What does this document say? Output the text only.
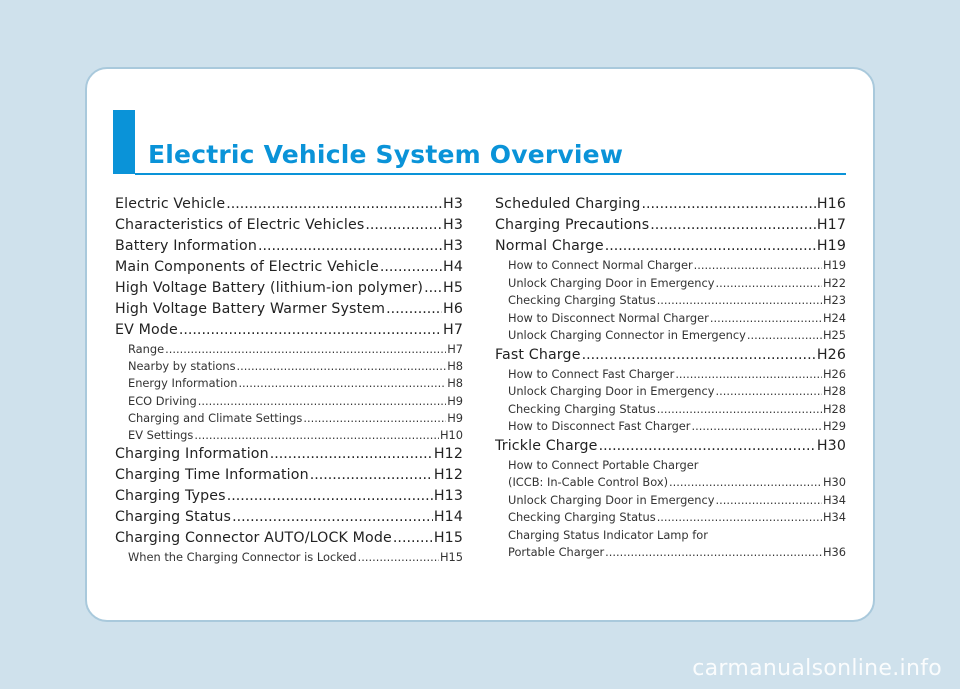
Electric Vehicle System Overview
Electric Vehicle .....	H3
Characteristics of Electric Vehicles .....	H3
Battery Information .....	H3
Main Components of Electric Vehicle .....	H4
High Voltage Battery (lithium-ion polymer) ..... H5
High Voltage Battery Warmer System .....	H6
EV Mode .....	H7
Range .....	H7
Nearby by stations .....	H8
Energy Information .....	H8
ECO Driving .....	H9
Charging and Climate Settings .....	H9
EV Settings .....	H10
Charging Information .....	H12
Charging Time Information .....	H12
Charging Types .....	H13
Charging Status .....	H14
Charging Connector AUTO/LOCK Mode .....	H15
When the Charging Connector is Locked .....	H15
Scheduled Charging .....	H16
Charging Precautions .....	H17
Normal Charge .....	H19
How to Connect Normal Charger .....	H19
Unlock Charging Door in Emergency .....	H22
Checking Charging Status .....	H23
How to Disconnect Normal Charger .....	H24
Unlock Charging Connector in Emergency .....	H25
Fast Charge .....	H26
How to Connect Fast Charger .....	H26
Unlock Charging Door in Emergency .....	H28
Checking Charging Status .....	H28
How to Disconnect Fast Charger .....	H29
Trickle Charge .....	H30
How to Connect Portable Charger
(ICCB: In-Cable Control Box) .....	H30
Unlock Charging Door in Emergency .....	H34
Checking Charging Status .....	H34
Charging Status Indicator Lamp for
Portable Charger .....	H36
carmanualsonline.info
